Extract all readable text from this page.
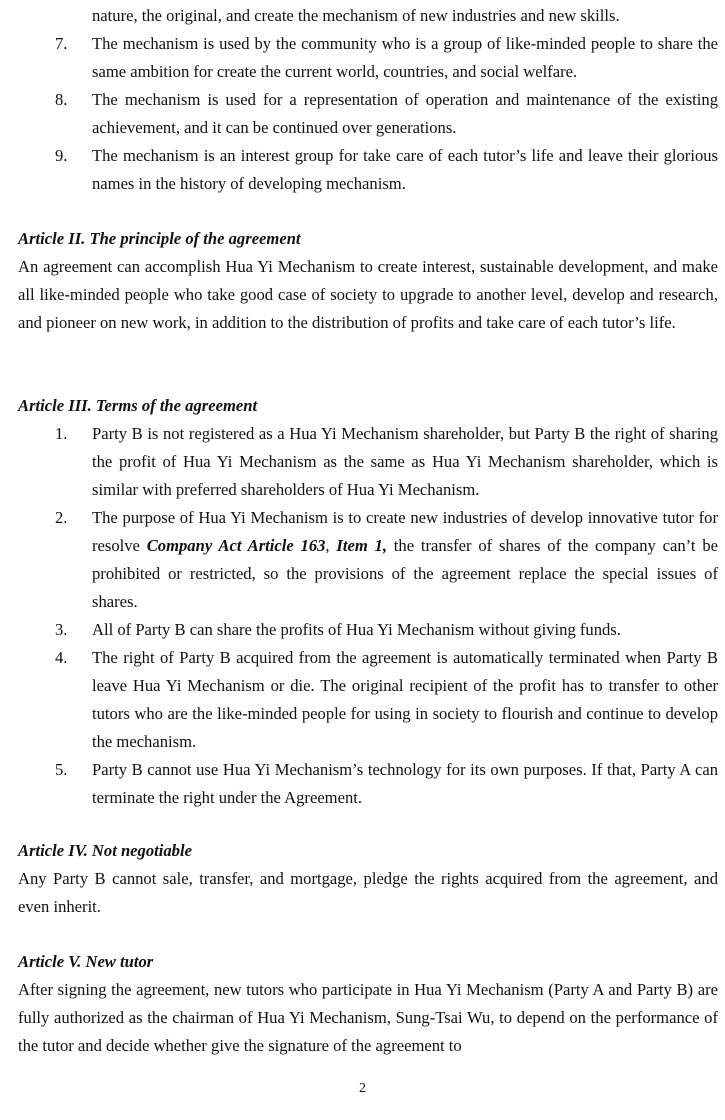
nature, the original, and create the mechanism of new industries and new skills.

7. The mechanism is used by the community who is a group of like-minded people to share the same ambition for create the current world, countries, and social welfare.

8. The mechanism is used for a representation of operation and maintenance of the existing achievement, and it can be continued over generations.

9. The mechanism is an interest group for take care of each tutor’s life and leave their glorious names in the history of developing mechanism.

Article II. The principle of the agreement

An agreement can accomplish Hua Yi Mechanism to create interest, sustainable development, and make all like-minded people who take good case of society to upgrade to another level, develop and research, and pioneer on new work, in addition to the distribution of profits and take care of each tutor’s life.

Article III. Terms of the agreement

1. Party B is not registered as a Hua Yi Mechanism shareholder, but Party B the right of sharing the profit of Hua Yi Mechanism as the same as Hua Yi Mechanism shareholder, which is similar with preferred shareholders of Hua Yi Mechanism.

2. The purpose of Hua Yi Mechanism is to create new industries of develop innovative tutor for resolve Company Act Article 163, Item 1, the transfer of shares of the company can’t be prohibited or restricted, so the provisions of the agreement replace the special issues of shares.

3. All of Party B can share the profits of Hua Yi Mechanism without giving funds.

4. The right of Party B acquired from the agreement is automatically terminated when Party B leave Hua Yi Mechanism or die. The original recipient of the profit has to transfer to other tutors who are the like-minded people for using in society to flourish and continue to develop the mechanism.

5. Party B cannot use Hua Yi Mechanism’s technology for its own purposes. If that, Party A can terminate the right under the Agreement.

Article IV. Not negotiable

Any Party B cannot sale, transfer, and mortgage, pledge the rights acquired from the agreement, and even inherit.

Article V. New tutor

After signing the agreement, new tutors who participate in Hua Yi Mechanism (Party A and Party B) are fully authorized as the chairman of Hua Yi Mechanism, Sung-Tsai Wu, to depend on the performance of the tutor and decide whether give the signature of the agreement to

2
